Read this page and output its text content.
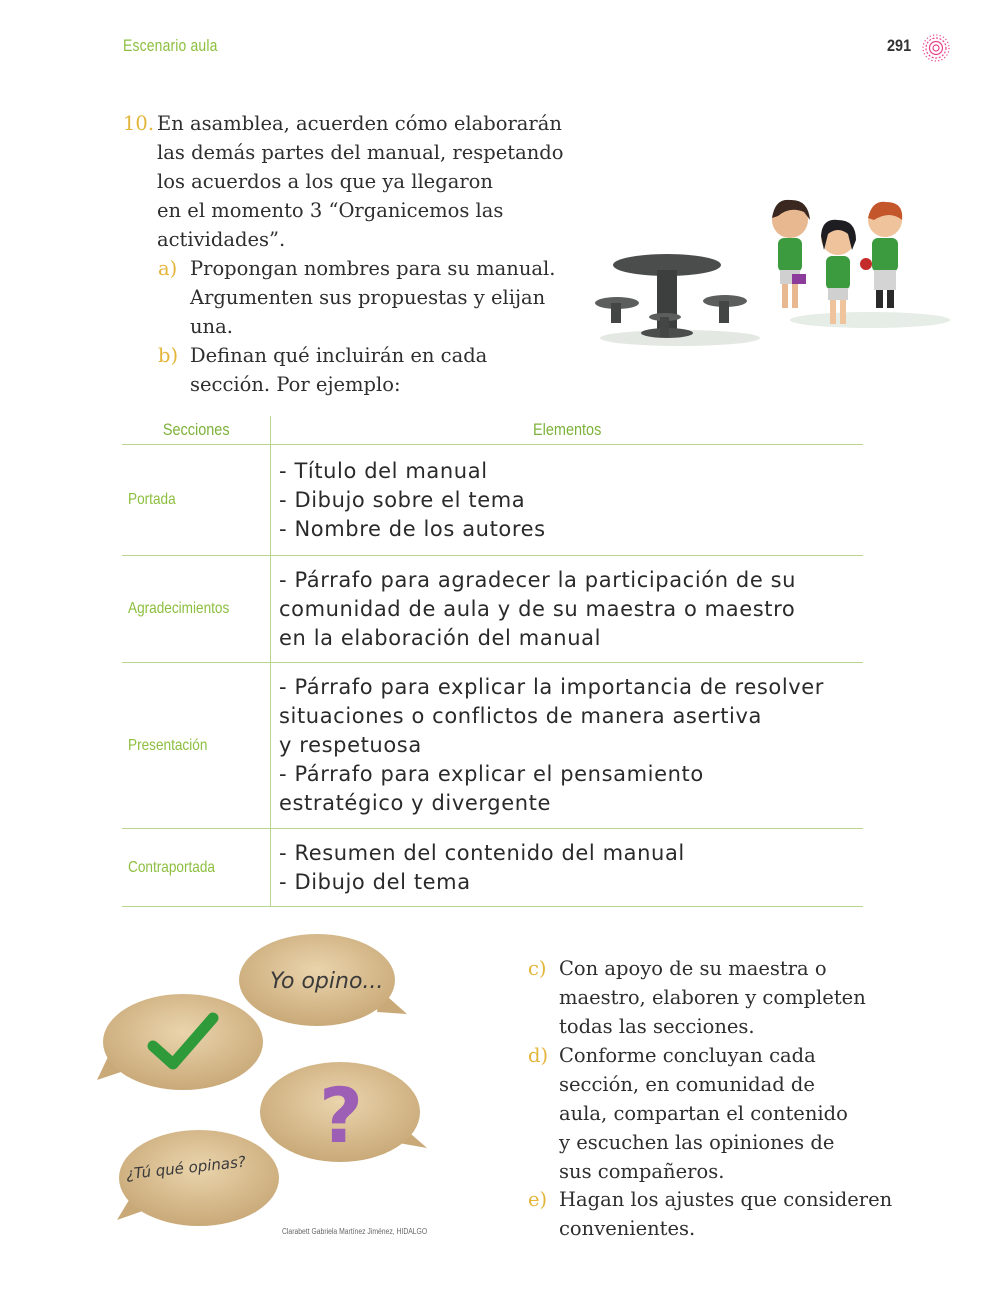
Escenario aula	291
10. En asamblea, acuerden cómo elaborarán
las demás partes del manual, respetando
los acuerdos a los que ya llegaron
en el momento 3 “Organicemos las
actividades”.
a) Propongan nombres para su manual.
Argumenten sus propuestas y elijan
una.
b) Definan qué incluirán en cada
sección. Por ejemplo:
Secciones	Elementos
Portada	- Título del manual
- Dibujo sobre el tema
- Nombre de los autores
Agradecimientos	- Párrafo para agradecer la participación de su
comunidad de aula y de su maestra o maestro
en la elaboración del manual
Presentación	- Párrafo para explicar la importancia de resolver
situaciones o conflictos de manera asertiva
y respetuosa
- Párrafo para explicar el pensamiento
estratégico y divergente
Contraportada	- Resumen del contenido del manual
- Dibujo del tema
Yo opino...
?
¿Tú qué opinas?
Clarabett Gabriela Martínez Jiménez, HIDALGO
c) Con apoyo de su maestra o
maestro, elaboren y completen
todas las secciones.
d) Conforme concluyan cada
sección, en comunidad de
aula, compartan el contenido
y escuchen las opiniones de
sus compañeros.
e) Hagan los ajustes que consideren
convenientes.
